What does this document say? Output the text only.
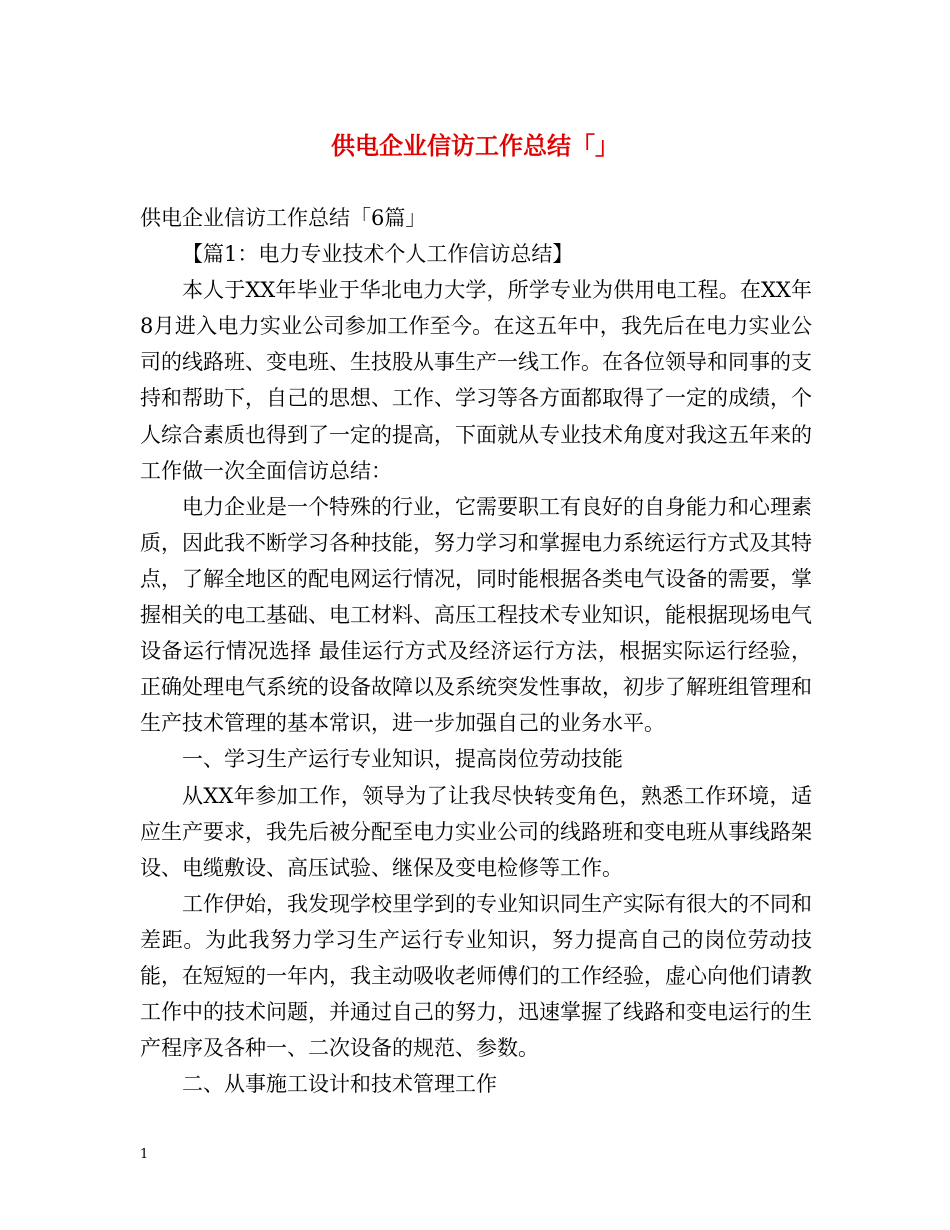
供电企业信访工作总结「」

供电企业信访工作总结「6篇」

【篇1：电力专业技术个人工作信访总结】

本人于XX年毕业于华北电力大学，所学专业为供用电工程。在XX年8月进入电力实业公司参加工作至今。在这五年中，我先后在电力实业公司的线路班、变电班、生技股从事生产一线工作。在各位领导和同事的支持和帮助下，自己的思想、工作、学习等各方面都取得了一定的成绩，个人综合素质也得到了一定的提高，下面就从专业技术角度对我这五年来的工作做一次全面信访总结：

电力企业是一个特殊的行业，它需要职工有良好的自身能力和心理素质，因此我不断学习各种技能，努力学习和掌握电力系统运行方式及其特点，了解全地区的配电网运行情况，同时能根据各类电气设备的需要，掌握相关的电工基础、电工材料、高压工程技术专业知识，能根据现场电气设备运行情况选择 最佳运行方式及经济运行方法，根据实际运行经验，正确处理电气系统的设备故障以及系统突发性事故，初步了解班组管理和生产技术管理的基本常识，进一步加强自己的业务水平。

一、学习生产运行专业知识，提高岗位劳动技能

从XX年参加工作，领导为了让我尽快转变角色，熟悉工作环境，适应生产要求，我先后被分配至电力实业公司的线路班和变电班从事线路架设、电缆敷设、高压试验、继保及变电检修等工作。

工作伊始，我发现学校里学到的专业知识同生产实际有很大的不同和差距。为此我努力学习生产运行专业知识，努力提高自己的岗位劳动技能，在短短的一年内，我主动吸收老师傅们的工作经验，虚心向他们请教工作中的技术问题，并通过自己的努力，迅速掌握了线路和变电运行的生产程序及各种一、二次设备的规范、参数。

二、从事施工设计和技术管理工作

1
